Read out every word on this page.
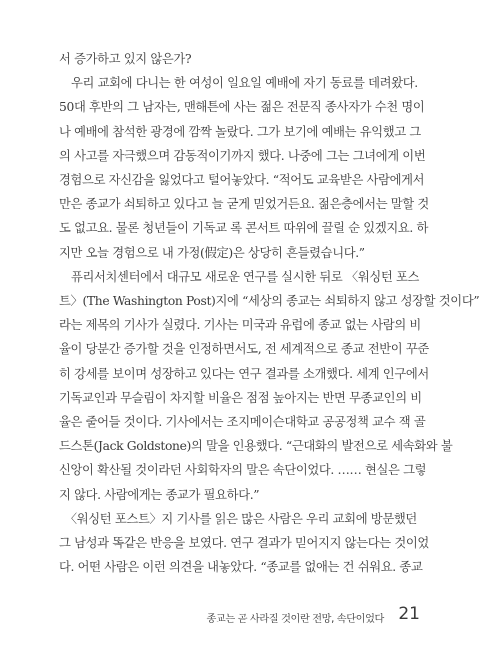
서 증가하고 있지 않은가?
　우리 교회에 다니는 한 여성이 일요일 예배에 자기 동료를 데려왔다.
50대 후반의 그 남자는, 맨해튼에 사는 젊은 전문직 종사자가 수천 명이
나 예배에 참석한 광경에 깜짝 놀랐다. 그가 보기에 예배는 유익했고 그
의 사고를 자극했으며 감동적이기까지 했다. 나중에 그는 그녀에게 이번
경험으로 자신감을 잃었다고 털어놓았다. “적어도 교육받은 사람에게서
만은 종교가 쇠퇴하고 있다고 늘 굳게 믿었거든요. 젊은층에서는 말할 것
도 없고요. 물론 청년들이 기독교 록 콘서트 따위에 끌릴 순 있겠지요. 하
지만 오늘 경험으로 내 가정(假定)은 상당히 흔들렸습니다.”
　퓨리서치센터에서 대규모 새로운 연구를 실시한 뒤로 〈워싱턴 포스
트〉(The Washington Post)지에 “세상의 종교는 쇠퇴하지 않고 성장할 것이다”
라는 제목의 기사가 실렸다. 기사는 미국과 유럽에 종교 없는 사람의 비
율이 당분간 증가할 것을 인정하면서도, 전 세계적으로 종교 전반이 꾸준
히 강세를 보이며 성장하고 있다는 연구 결과를 소개했다. 세계 인구에서
기독교인과 무슬림이 차지할 비율은 점점 높아지는 반면 무종교인의 비
율은 줄어들 것이다. 기사에서는 조지메이슨대학교 공공정책 교수 잭 골
드스톤(Jack Goldstone)의 말을 인용했다. “근대화의 발전으로 세속화와 불
신앙이 확산될 것이라던 사회학자의 말은 속단이었다. …… 현실은 그렇
지 않다. 사람에게는 종교가 필요하다.”
　〈워싱턴 포스트〉지 기사를 읽은 많은 사람은 우리 교회에 방문했던
그 남성과 똑같은 반응을 보였다. 연구 결과가 믿어지지 않는다는 것이었
다. 어떤 사람은 이런 의견을 내놓았다. “종교를 없애는 건 쉬워요. 종교
종교는 곧 사라질 것이란 전망, 속단이었다 21
